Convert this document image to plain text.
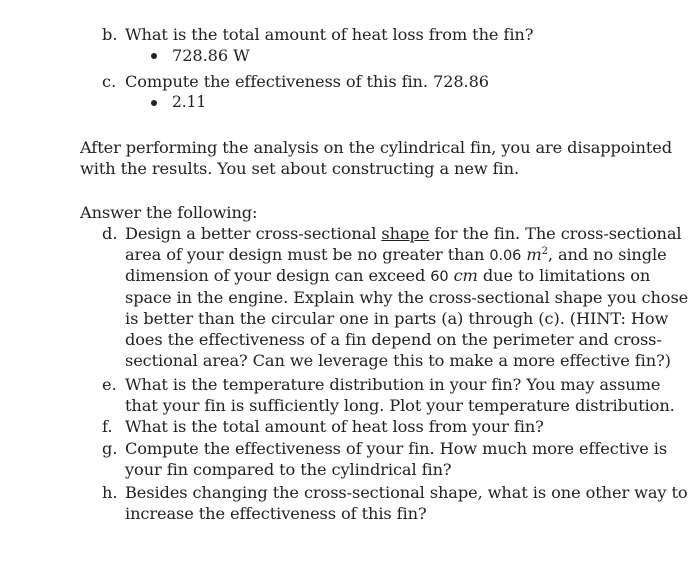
b. What is the total amount of heat loss from the fin?
728.86 W
c. Compute the effectiveness of this fin. 728.86
2.11
After performing the analysis on the cylindrical fin, you are disappointed
with the results. You set about constructing a new fin.
Answer the following:
d. Design a better cross-sectional shape for the fin. The cross-sectional
area of your design must be no greater than 0.06 $m^2$, and no single
dimension of your design can exceed 60 cm due to limitations on
space in the engine. Explain why the cross-sectional shape you chose
is better than the circular one in parts (a) through (c). (HINT: How
does the effectiveness of a fin depend on the perimeter and cross-
sectional area? Can we leverage this to make a more effective fin?)
e. What is the temperature distribution in your fin? You may assume
that your fin is sufficiently long. Plot your temperature distribution.
f. What is the total amount of heat loss from your fin?
g. Compute the effectiveness of your fin. How much more effective is
your fin compared to the cylindrical fin?
h. Besides changing the cross-sectional shape, what is one other way to
increase the effectiveness of this fin?
